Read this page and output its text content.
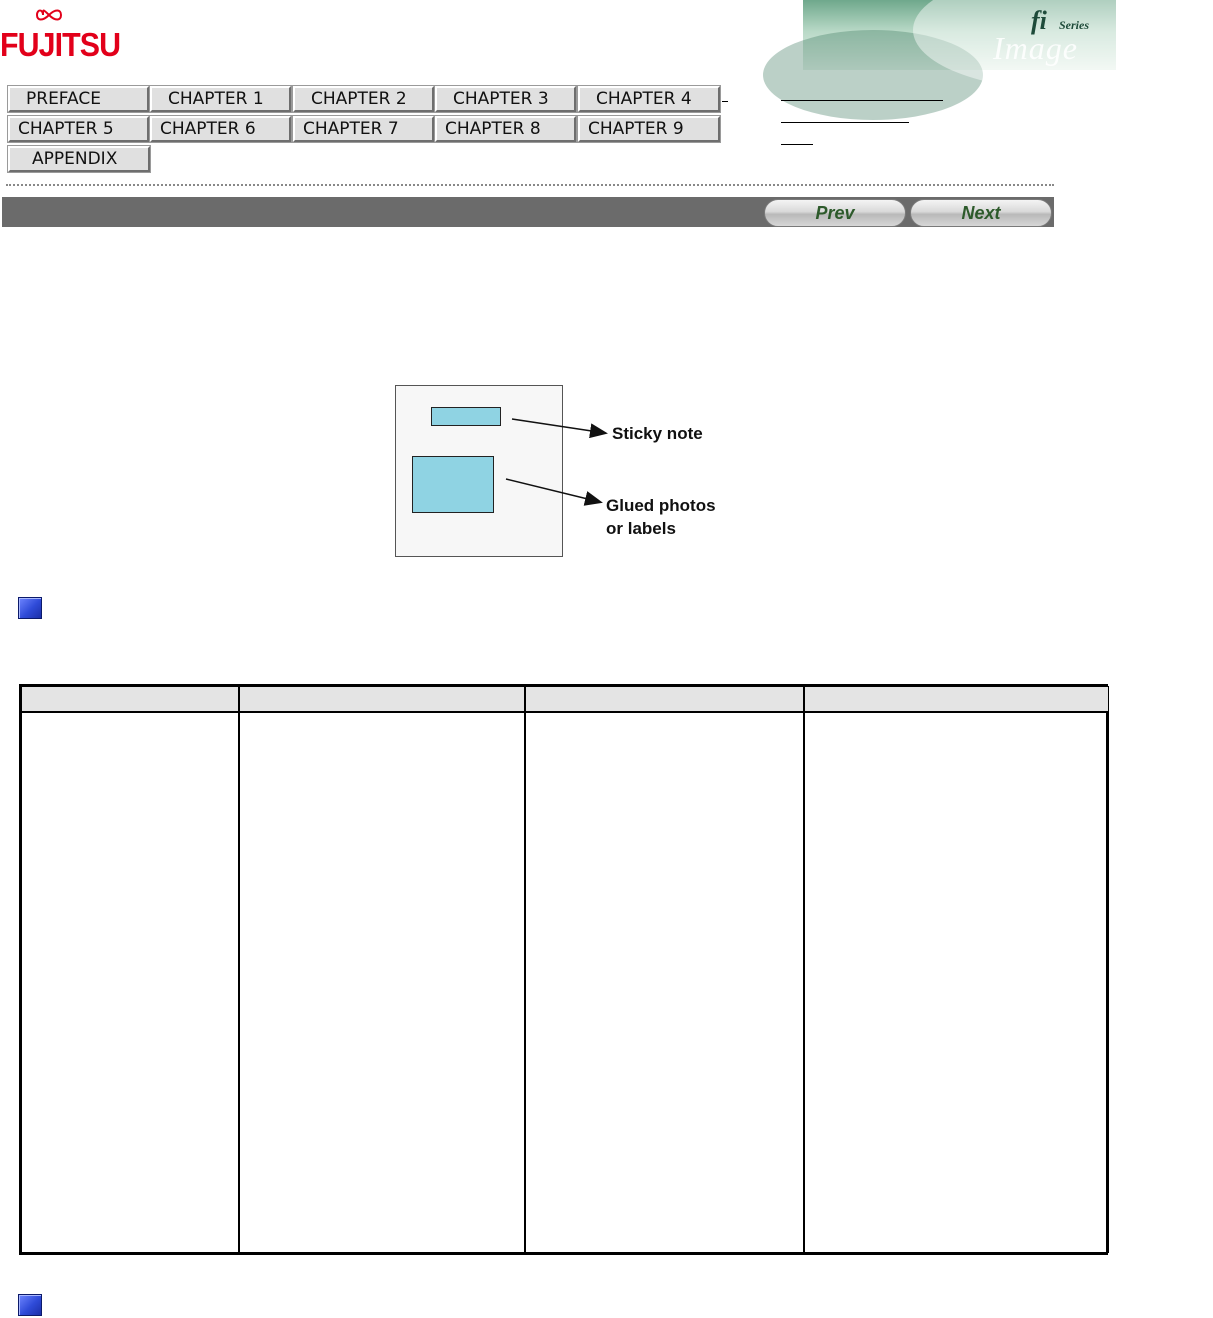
FUJITSU	Image Scanner
fi Series
PREFACE	CHAPTER 1	CHAPTER 2	CHAPTER 3	CHAPTER 4
CHAPTER 5	CHAPTER 6	CHAPTER 7	CHAPTER 8	CHAPTER 9
APPENDIX
Prev	Next
Sticky note
Glued photos
or labels
